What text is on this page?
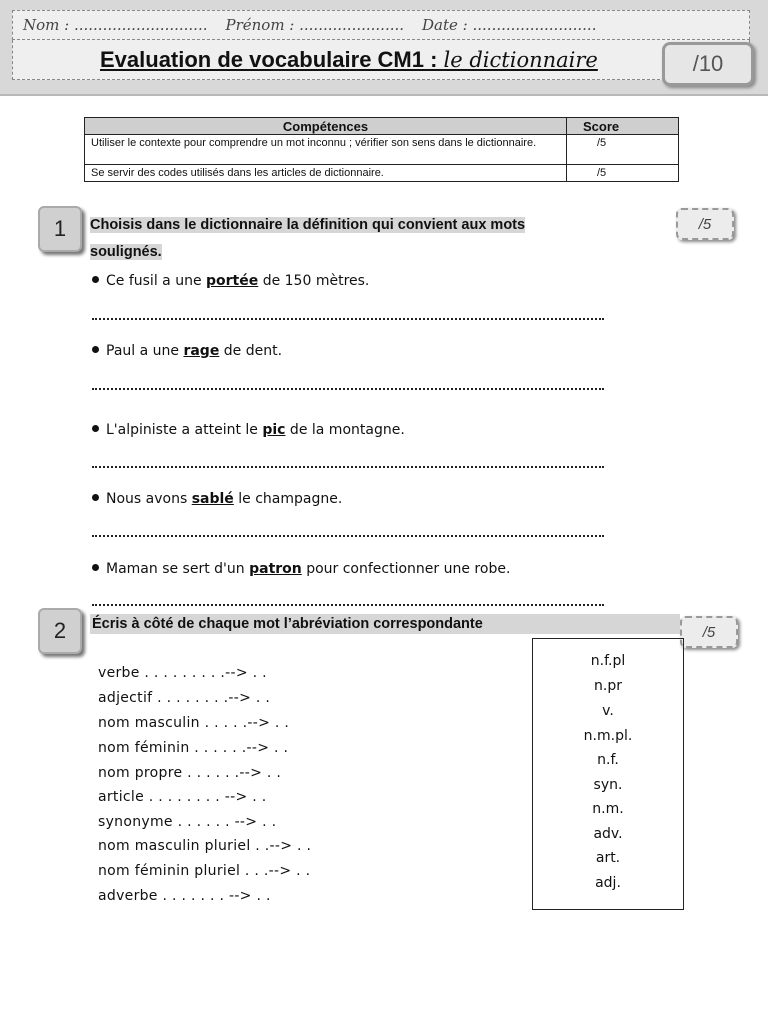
Nom : ............................ Prénom : ...................... Date : ..........................
Evaluation de vocabulaire CM1 : le dictionnaire	/10
Compétences	Score
Utiliser le contexte pour comprendre un mot inconnu ; vérifier son sens dans le dictionnaire.	/5
Se servir des codes utilisés dans les articles de dictionnaire.	/5
1	/5
Choisis dans le dictionnaire la définition qui convient aux mots
soulignés.
Ce fusil a une portée de 150 mètres.
Paul a une rage de dent.
L'alpiniste a atteint le pic de la montagne.
Nous avons sablé le champagne.
Maman se sert d'un patron pour confectionner une robe.
2	/5
Écris à côté de chaque mot l’abréviation correspondante
verbe . . . . . . . . .--> . .
adjectif . . . . . . . .--> . .
nom masculin . . . . .--> . .
nom féminin . . . . . .--> . .
nom propre . . . . . .--> . .
article . . . . . . . . --> . .
synonyme . . . . . . --> . .
nom masculin pluriel . .--> . .
nom féminin pluriel . . .--> . .
adverbe . . . . . . . --> . .
n.f.pl
n.pr
v.
n.m.pl.
n.f.
syn.
n.m.
adv.
art.
adj.
